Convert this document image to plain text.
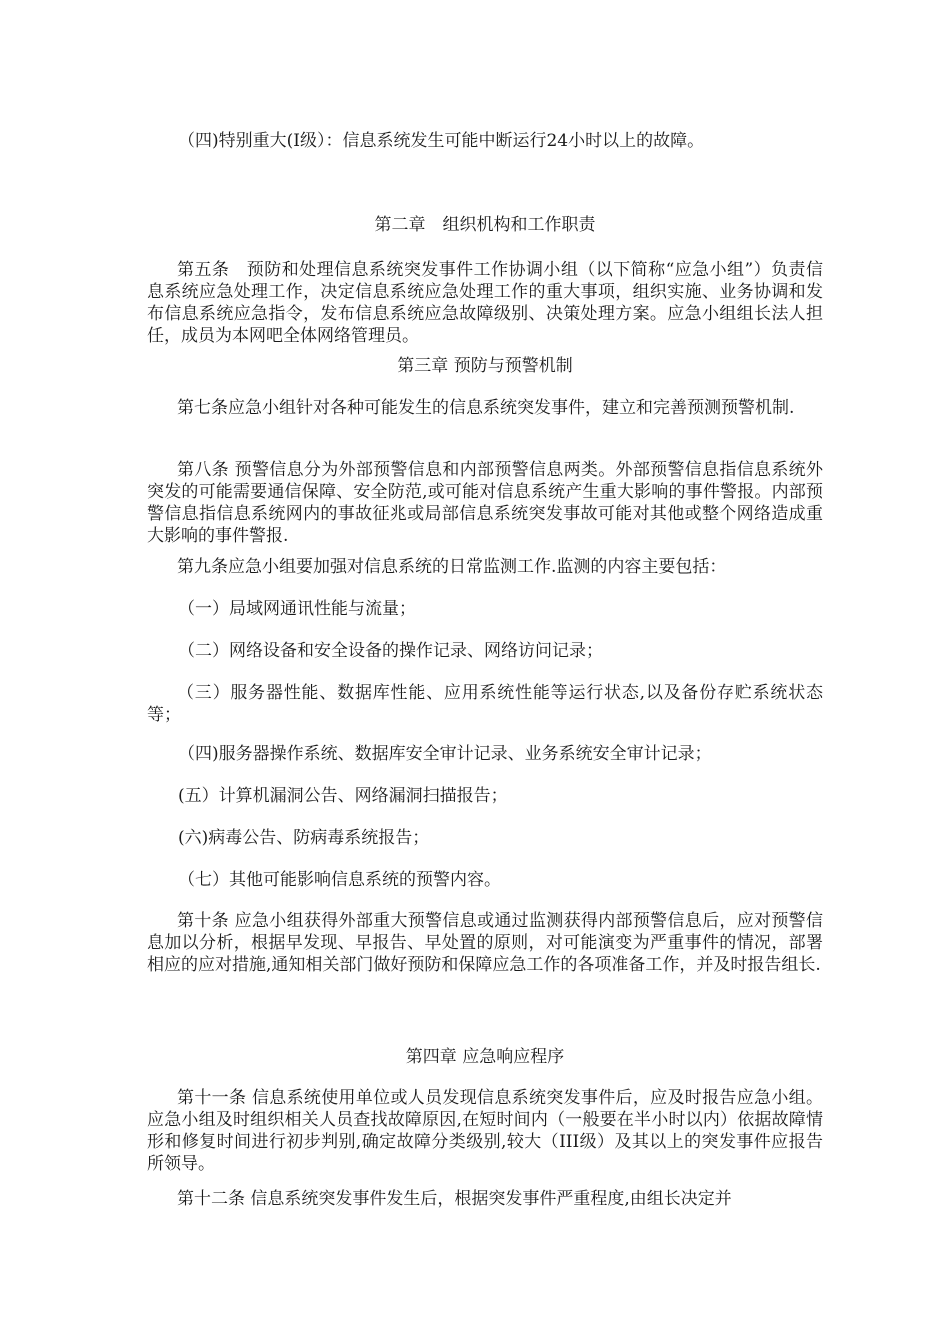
（四)特别重大(I级）：信息系统发生可能中断运行24小时以上的故障。

第二章　组织机构和工作职责

第五条　预防和处理信息系统突发事件工作协调小组（以下简称“应急小组”）负责信息系统应急处理工作，决定信息系统应急处理工作的重大事项，组织实施、业务协调和发布信息系统应急指令，发布信息系统应急故障级别、决策处理方案。应急小组组长法人担任，成员为本网吧全体网络管理员。

第三章 预防与预警机制

第七条应急小组针对各种可能发生的信息系统突发事件，建立和完善预测预警机制.

第八条 预警信息分为外部预警信息和内部预警信息两类。外部预警信息指信息系统外突发的可能需要通信保障、安全防范,或可能对信息系统产生重大影响的事件警报。内部预警信息指信息系统网内的事故征兆或局部信息系统突发事故可能对其他或整个网络造成重大影响的事件警报.

第九条应急小组要加强对信息系统的日常监测工作.监测的内容主要包括：

（一）局域网通讯性能与流量；

（二）网络设备和安全设备的操作记录、网络访问记录；

（三）服务器性能、数据库性能、应用系统性能等运行状态,以及备份存贮系统状态等；

（四)服务器操作系统、数据库安全审计记录、业务系统安全审计记录；

(五）计算机漏洞公告、网络漏洞扫描报告；

(六)病毒公告、防病毒系统报告；

（七）其他可能影响信息系统的预警内容。

第十条 应急小组获得外部重大预警信息或通过监测获得内部预警信息后，应对预警信息加以分析，根据早发现、早报告、早处置的原则，对可能演变为严重事件的情况，部署相应的应对措施,通知相关部门做好预防和保障应急工作的各项准备工作，并及时报告组长.

第四章 应急响应程序

第十一条 信息系统使用单位或人员发现信息系统突发事件后，应及时报告应急小组。应急小组及时组织相关人员查找故障原因,在短时间内（一般要在半小时以内）依据故障情形和修复时间进行初步判别,确定故障分类级别,较大（III级）及其以上的突发事件应报告所领导。

第十二条 信息系统突发事件发生后，根据突发事件严重程度,由组长决定并
